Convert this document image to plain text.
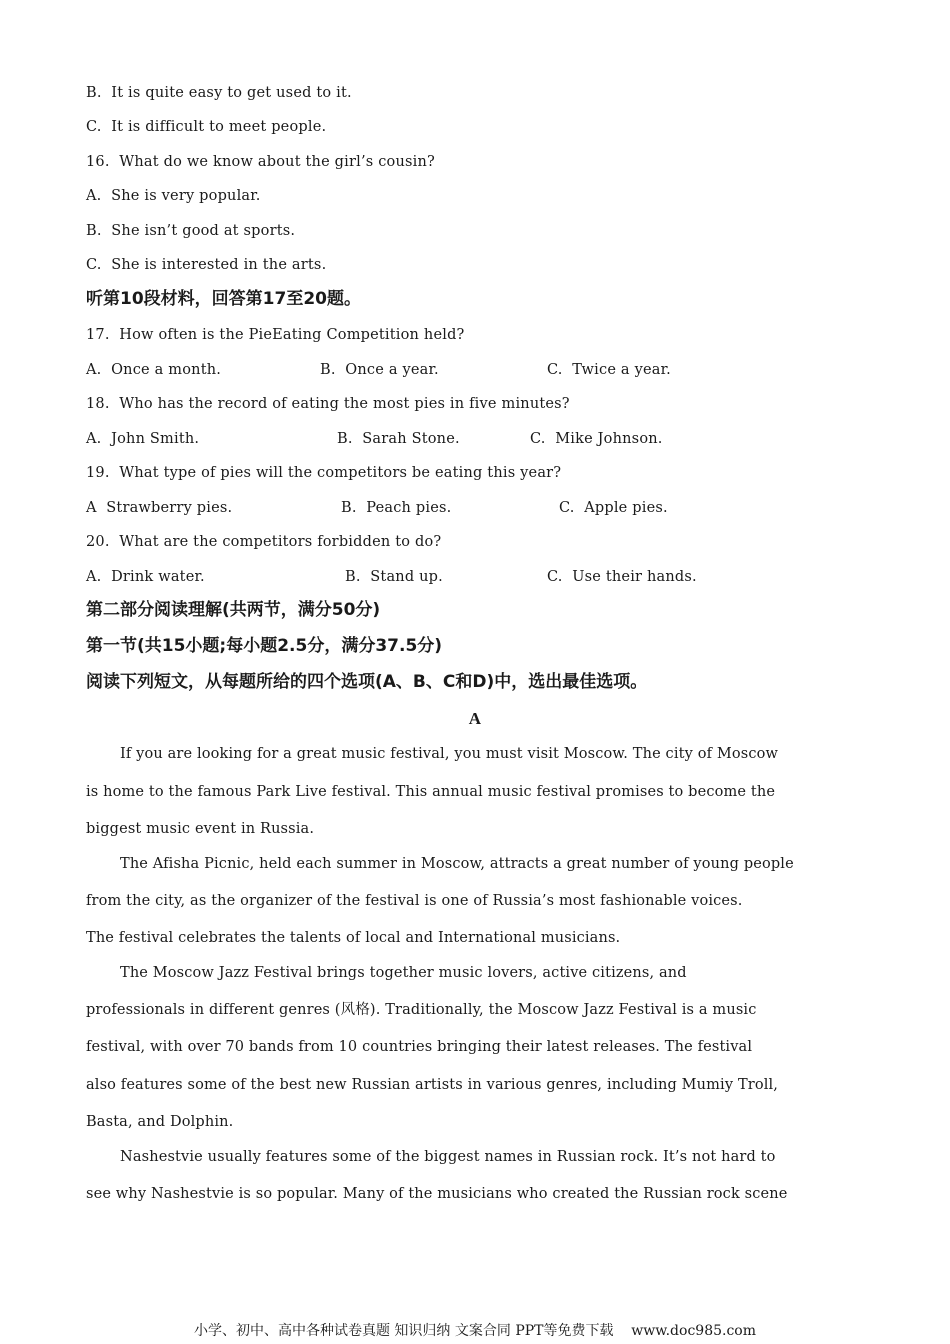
B.  It is quite easy to get used to it.
C.  It is difficult to meet people.
16.  What do we know about the girl’s cousin?
A.  She is very popular.
B.  She isn’t good at sports.
C.  She is interested in the arts.
听第10段材料，回答第17至20题。
17.  How often is the PieEating Competition held?
A.  Once a month.	B.  Once a year.	C.  Twice a year.
18.  Who has the record of eating the most pies in five minutes?
A.  John Smith.	B.  Sarah Stone.	C.  Mike Johnson.
19.  What type of pies will the competitors be eating this year?
A  Strawberry pies.	B.  Peach pies.	C.  Apple pies.
20.  What are the competitors forbidden to do?
A.  Drink water.	B.  Stand up.	C.  Use their hands.
第二部分阅读理解(共两节，满分50分)
第一节(共15小题;每小题2.5分，满分37.5分)
阅读下列短文，从每题所给的四个选项(A、B、C和D)中，选出最佳选项。
A
If you are looking for a great music festival, you must visit Moscow. The city of Moscow
is home to the famous Park Live festival. This annual music festival promises to become the
biggest music event in Russia.
The Afisha Picnic, held each summer in Moscow, attracts a great number of young people
from the city, as the organizer of the festival is one of Russia’s most fashionable voices.
The festival celebrates the talents of local and International musicians.
The Moscow Jazz Festival brings together music lovers, active citizens, and
professionals in different genres (风格). Traditionally, the Moscow Jazz Festival is a music
festival, with over 70 bands from 10 countries bringing their latest releases. The festival
also features some of the best new Russian artists in various genres, including Mumiy Troll,
Basta, and Dolphin.
Nashestvie usually features some of the biggest names in Russian rock. It’s not hard to
see why Nashestvie is so popular. Many of the musicians who created the Russian rock scene
小学、初中、高中各种试卷真题 知识归纳 文案合同 PPT等免费下载    www.doc985.com
